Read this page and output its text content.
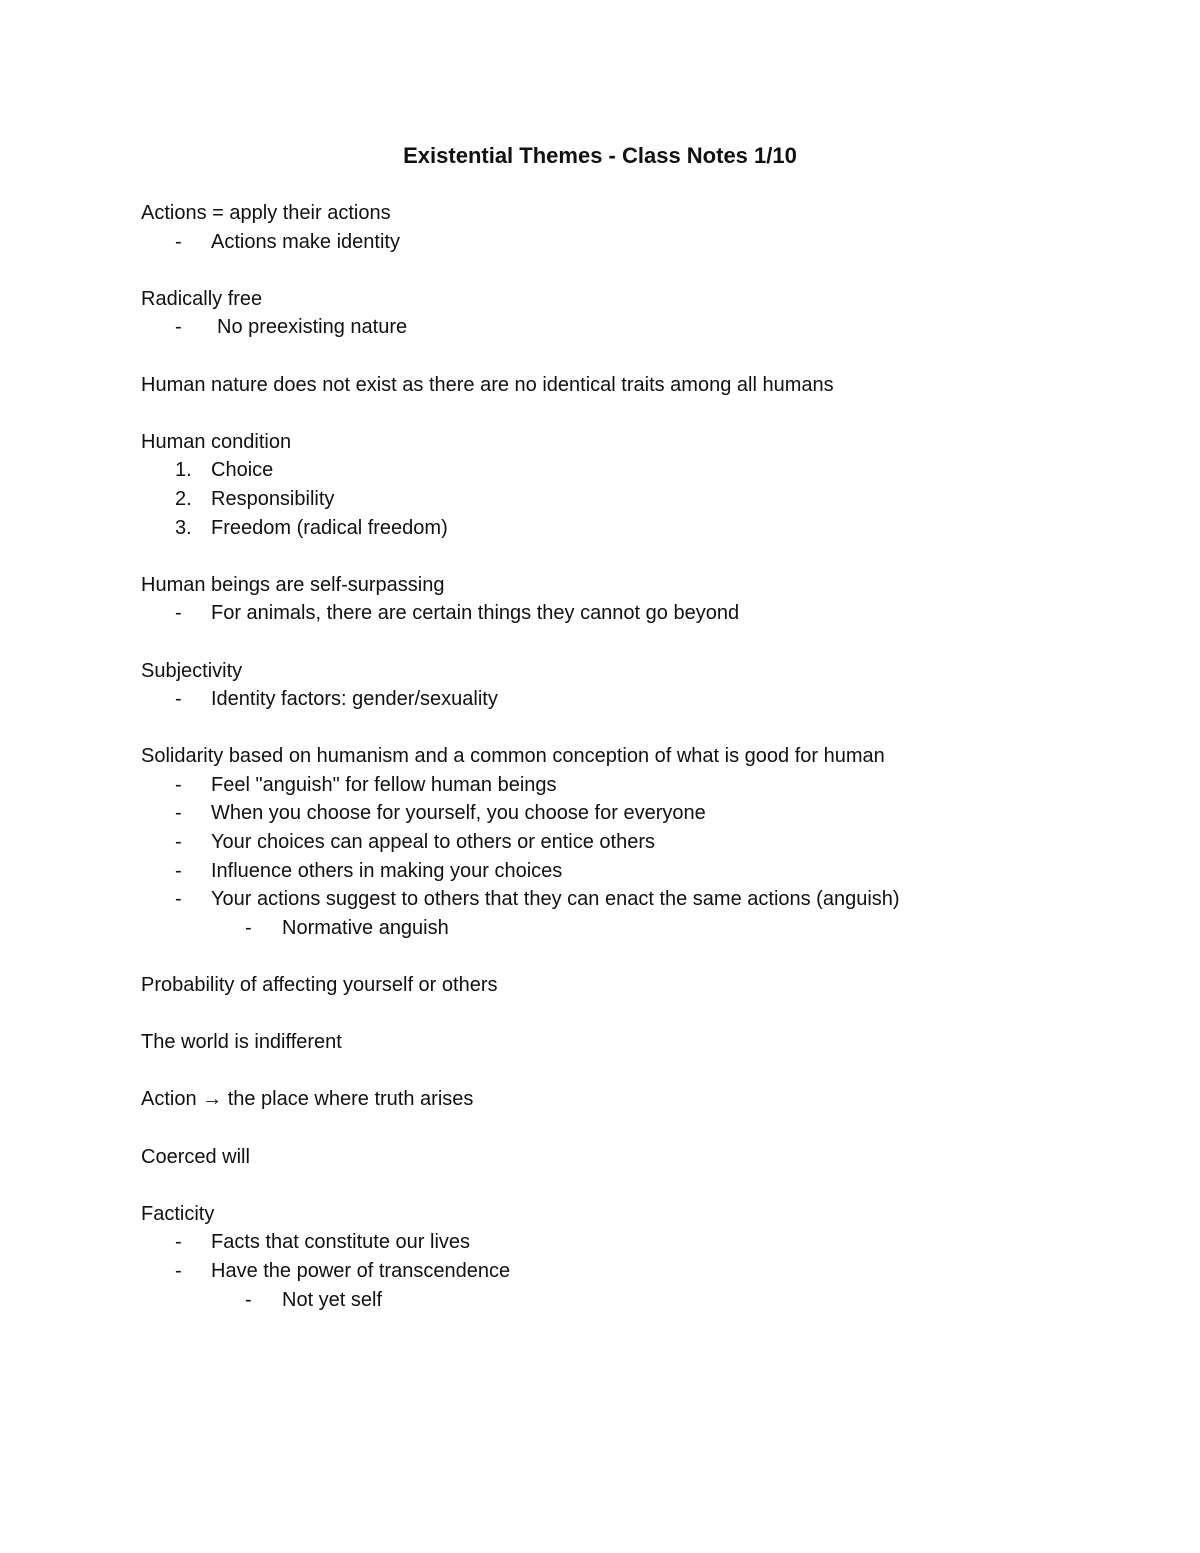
Existential Themes - Class Notes 1/10
Actions = apply their actions
- Actions make identity
Radically free
- No preexisting nature
Human nature does not exist as there are no identical traits among all humans
Human condition
1. Choice
2. Responsibility
3. Freedom (radical freedom)
Human beings are self-surpassing
- For animals, there are certain things they cannot go beyond
Subjectivity
- Identity factors: gender/sexuality
Solidarity based on humanism and a common conception of what is good for human
- Feel "anguish" for fellow human beings
- When you choose for yourself, you choose for everyone
- Your choices can appeal to others or entice others
- Influence others in making your choices
- Your actions suggest to others that they can enact the same actions (anguish)
- Normative anguish
Probability of affecting yourself or others
The world is indifferent
Action → the place where truth arises
Coerced will
Facticity
- Facts that constitute our lives
- Have the power of transcendence
- Not yet self
